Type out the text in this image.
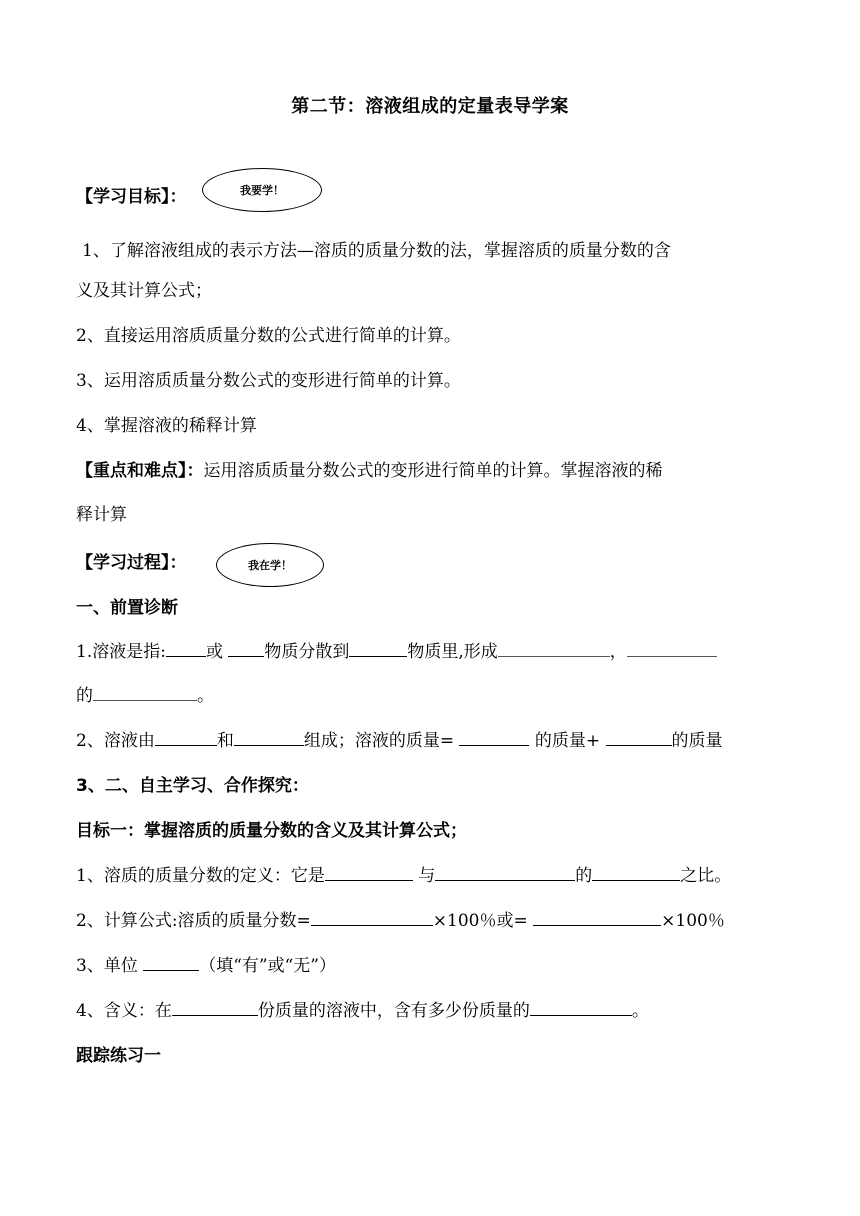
第二节：溶液组成的定量表导学案
【学习目标】：	我要学！
1、了解溶液组成的表示方法—溶质的质量分数的法，掌握溶质的质量分数的含
义及其计算公式；
2、直接运用溶质质量分数的公式进行简单的计算。
3、运用溶质质量分数公式的变形进行简单的计算。
4、掌握溶液的稀释计算
【重点和难点】：运用溶质质量分数公式的变形进行简单的计算。掌握溶液的稀
释计算
【学习过程】：	我在学！
一、前置诊断
1.溶液是指: 或 物质分散到	物质里,形成	，
的	。
2、溶液由	和	组成；溶液的质量=	的质量+	的质量
3、二、自主学习、合作探究：
目标一：掌握溶质的质量分数的含义及其计算公式；
1、溶质的质量分数的定义：它是	与	的	之比。
2、计算公式:溶质的质量分数=	×100％或=	×100％
3、单位	（填“有”或“无”）
4、含义：在	份质量的溶液中，含有多少份质量的	。
跟踪练习一
